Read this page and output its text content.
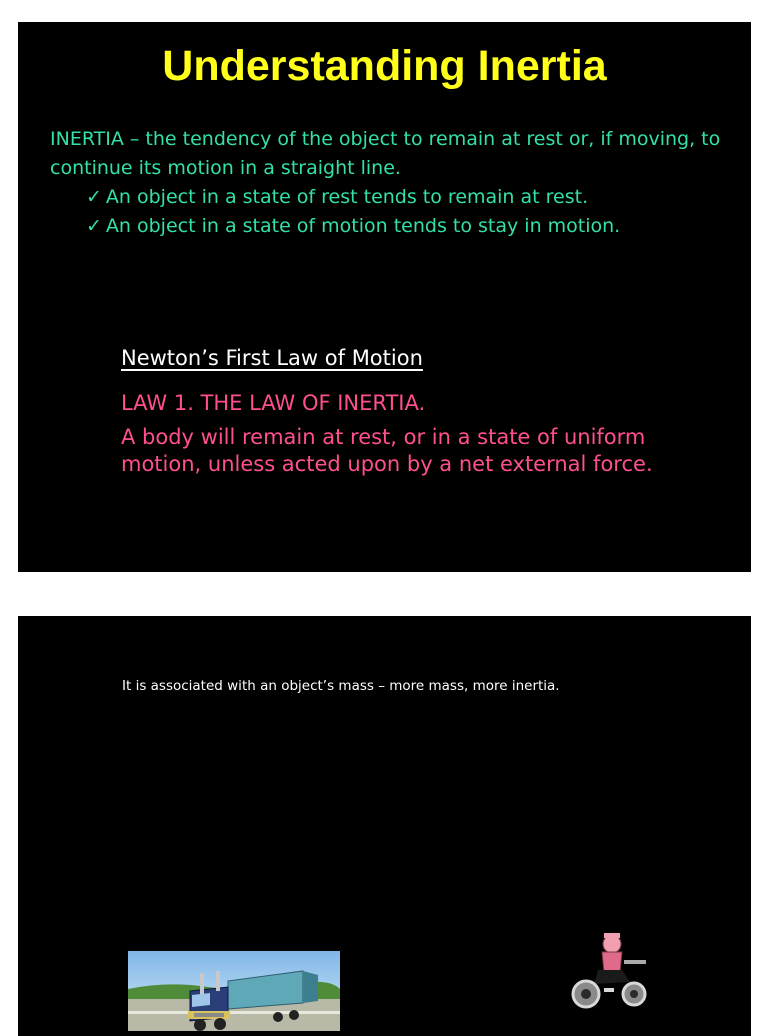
Understanding Inertia

INERTIA – the tendency of the object to remain at rest or, if moving, to continue its motion in a straight line.

✓ An object in a state of rest tends to remain at rest.
✓ An object in a state of motion tends to stay in motion.
Newton’s First Law of Motion
LAW 1. THE LAW OF INERTIA.
A body will remain at rest, or in a state of uniform motion, unless acted upon by a net external force.
It is associated with an object’s mass – more mass, more inertia.
